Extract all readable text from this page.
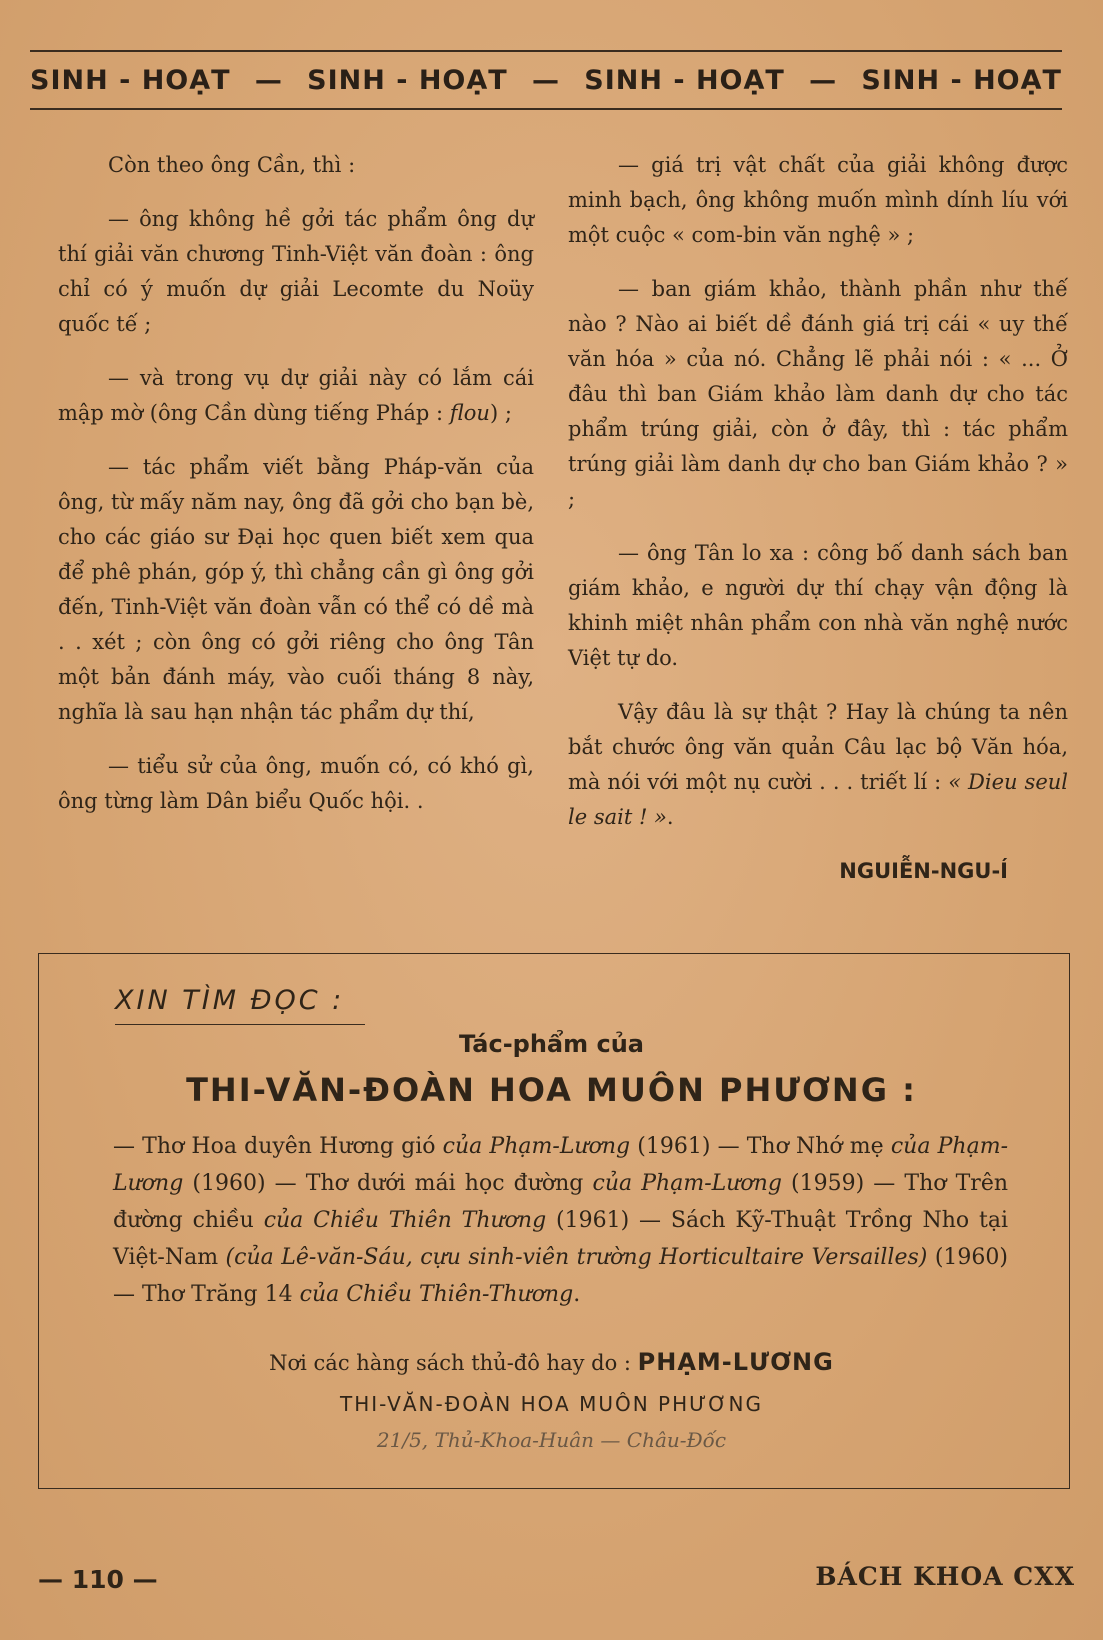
SINH - HOẠT — SINH - HOẠT — SINH - HOẠT — SINH - HOẠT

Còn theo ông Cần, thì :

— ông không hề gởi tác phẩm ông dự thí giải văn chương Tinh-Việt văn đoàn : ông chỉ có ý muốn dự giải Lecomte du Noüy quốc tế ;

— và trong vụ dự giải này có lắm cái mập mờ (ông Cần dùng tiếng Pháp : flou) ;

— tác phẩm viết bằng Pháp-văn của ông, từ mấy năm nay, ông đã gởi cho bạn bè, cho các giáo sư Đại học quen biết xem qua để phê phán, góp ý, thì chẳng cần gì ông gởi đến, Tinh-Việt văn đoàn vẫn có thể có dề mà . . xét ; còn ông có gởi riêng cho ông Tân một bản đánh máy, vào cuối tháng 8 này, nghĩa là sau hạn nhận tác phẩm dự thí,

— tiểu sử của ông, muốn có, có khó gì, ông từng làm Dân biểu Quốc hội. .

— giá trị vật chất của giải không được minh bạch, ông không muốn mình dính líu với một cuộc « com-bin văn nghệ » ;

— ban giám khảo, thành phần như thế nào ? Nào ai biết dề đánh giá trị cái « uy thế văn hóa » của nó. Chẳng lẽ phải nói : « ... Ở đâu thì ban Giám khảo làm danh dự cho tác phẩm trúng giải, còn ở đây, thì : tác phẩm trúng giải làm danh dự cho ban Giám khảo ? » ;

— ông Tân lo xa : công bố danh sách ban giám khảo, e người dự thí chạy vận động là khinh miệt nhân phẩm con nhà văn nghệ nước Việt tự do.

Vậy đâu là sự thật ? Hay là chúng ta nên bắt chước ông văn quản Câu lạc bộ Văn hóa, mà nói với một nụ cười . . . triết lí : « Dieu seul le sait ! ».

NGUIỄN-NGU-Í
XIN TÌM ĐỌC :
Tác-phẩm của
THI-VĂN-ĐOÀN HOA MUÔN PHƯƠNG :
— Thơ Hoa duyên Hương gió của Phạm-Lương (1961) — Thơ Nhớ mẹ của Phạm-Lương (1960) — Thơ dưới mái học đường của Phạm-Lương (1959) — Thơ Trên đường chiều của Chiều Thiên Thương (1961) — Sách Kỹ-Thuật Trồng Nho tại Việt-Nam (của Lê-văn-Sáu, cựu sinh-viên trường Horticultaire Versailles) (1960) — Thơ Trăng 14 của Chiều Thiên-Thương.
Nơi các hàng sách thủ-đô hay do : PHẠM-LƯƠNG
THI-VĂN-ĐOÀN HOA MUÔN PHƯƠNG
21/5, Thủ-Khoa-Huân — Châu-Đốc
— 110 —	BÁCH KHOA CXX
